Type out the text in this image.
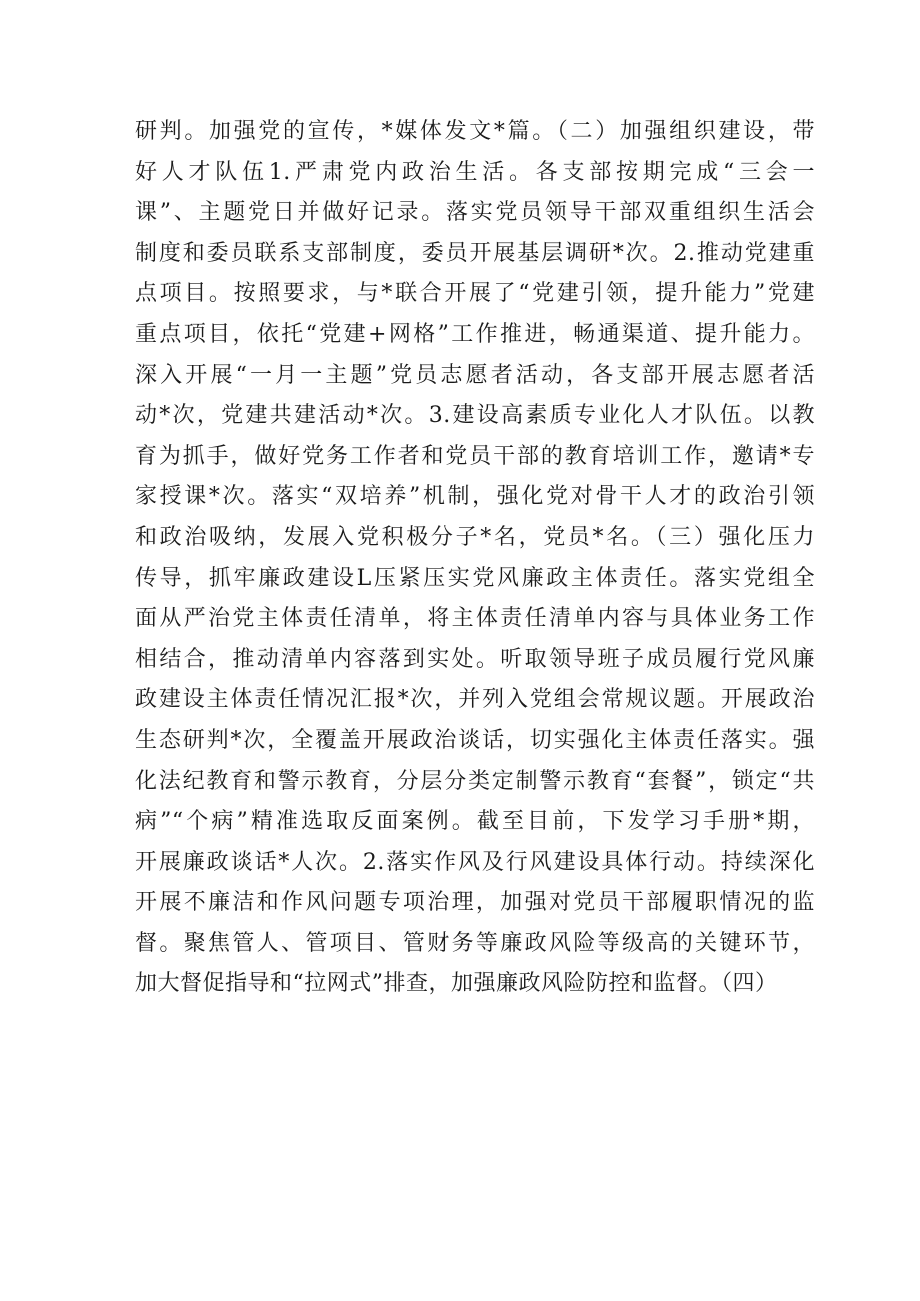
研判。加强党的宣传，*媒体发文*篇。（二）加强组织建设，带
好人才队伍1.严肃党内政治生活。各支部按期完成“三会一
课”、主题党日并做好记录。落实党员领导干部双重组织生活会
制度和委员联系支部制度，委员开展基层调研*次。2.推动党建重
点项目。按照要求，与*联合开展了“党建引领，提升能力”党建
重点项目，依托“党建+网格”工作推进，畅通渠道、提升能力。
深入开展“一月一主题”党员志愿者活动，各支部开展志愿者活
动*次，党建共建活动*次。3.建设高素质专业化人才队伍。以教
育为抓手，做好党务工作者和党员干部的教育培训工作，邀请*专
家授课*次。落实“双培养”机制，强化党对骨干人才的政治引领
和政治吸纳，发展入党积极分子*名，党员*名。（三）强化压力
传导，抓牢廉政建设L压紧压实党风廉政主体责任。落实党组全
面从严治党主体责任清单，将主体责任清单内容与具体业务工作
相结合，推动清单内容落到实处。听取领导班子成员履行党风廉
政建设主体责任情况汇报*次，并列入党组会常规议题。开展政治
生态研判*次，全覆盖开展政治谈话，切实强化主体责任落实。强
化法纪教育和警示教育，分层分类定制警示教育“套餐”，锁定“共
病”“个病”精准选取反面案例。截至目前，下发学习手册*期，
开展廉政谈话*人次。2.落实作风及行风建设具体行动。持续深化
开展不廉洁和作风问题专项治理，加强对党员干部履职情况的监
督。聚焦管人、管项目、管财务等廉政风险等级高的关键环节，
加大督促指导和“拉网式”排查，加强廉政风险防控和监督。（四）
